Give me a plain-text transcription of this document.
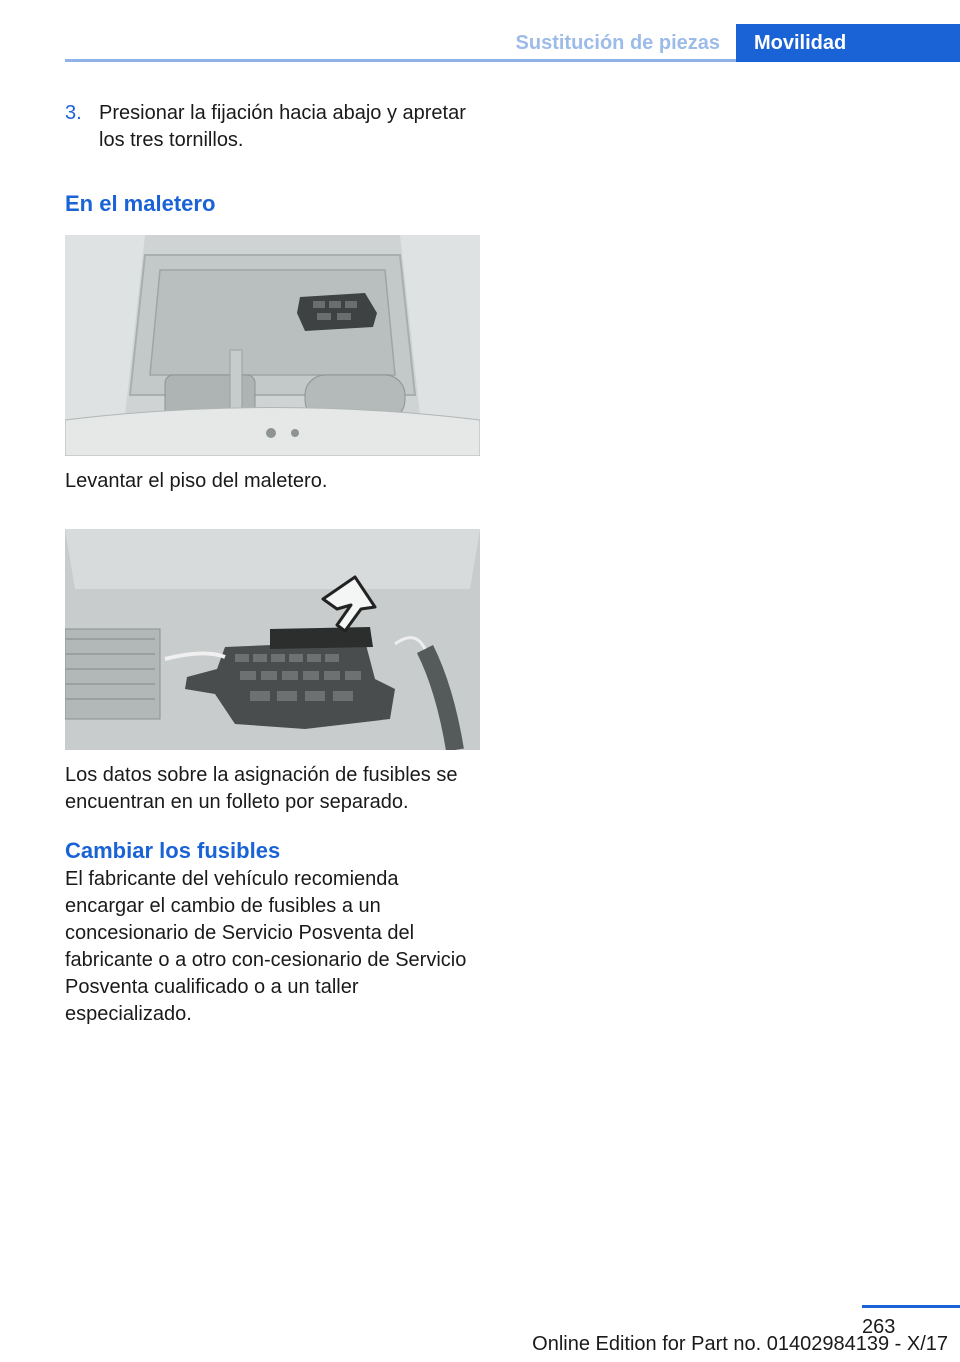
Sustitución de piezas	Movilidad
3. Presionar la fijación hacia abajo y apretar los tres tornillos.
En el maletero

Levantar el piso del maletero.

Los datos sobre la asignación de fusibles se encuentran en un folleto por separado.

Cambiar los fusibles

El fabricante del vehículo recomienda encargar el cambio de fusibles a un concesionario de Servicio Posventa del fabricante o a otro con-cesionario de Servicio Posventa cualificado o a un taller especializado.

263
Online Edition for Part no. 01402984139 - X/17
